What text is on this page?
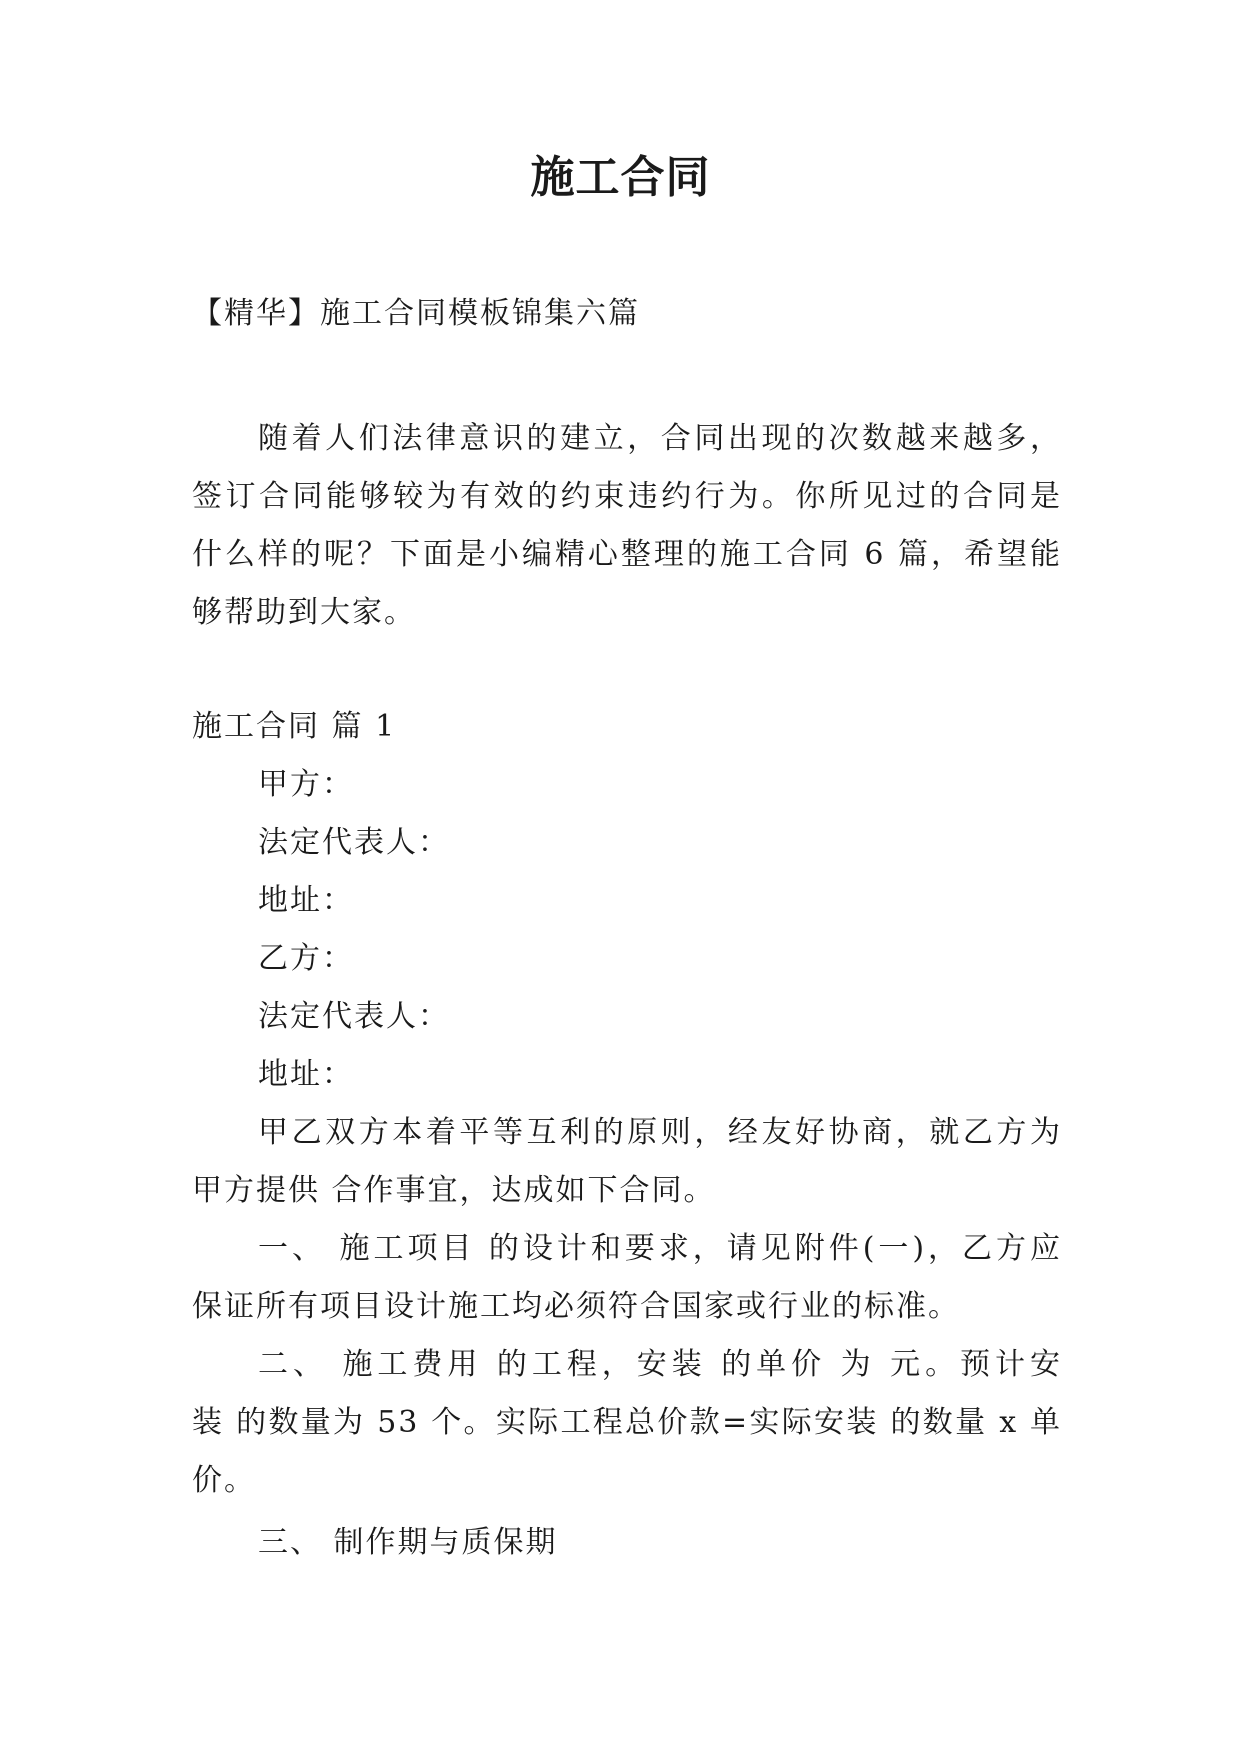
施工合同
【精华】施工合同模板锦集六篇
随着人们法律意识的建立，合同出现的次数越来越多，
签订合同能够较为有效的约束违约行为。你所见过的合同是
什么样的呢？下面是小编精心整理的施工合同 6 篇，希望能
够帮助到大家。
施工合同 篇 1
甲方：
法定代表人：
地址：
乙方：
法定代表人：
地址：
甲乙双方本着平等互利的原则，经友好协商，就乙方为
甲方提供 合作事宜，达成如下合同。
一、 施工项目 的设计和要求，请见附件(一)，乙方应
保证所有项目设计施工均必须符合国家或行业的标准。
二、 施工费用 的工程，安装 的单价 为 元。预计安
装 的数量为 53 个。实际工程总价款=实际安装 的数量 x 单
价。
三、 制作期与质保期
